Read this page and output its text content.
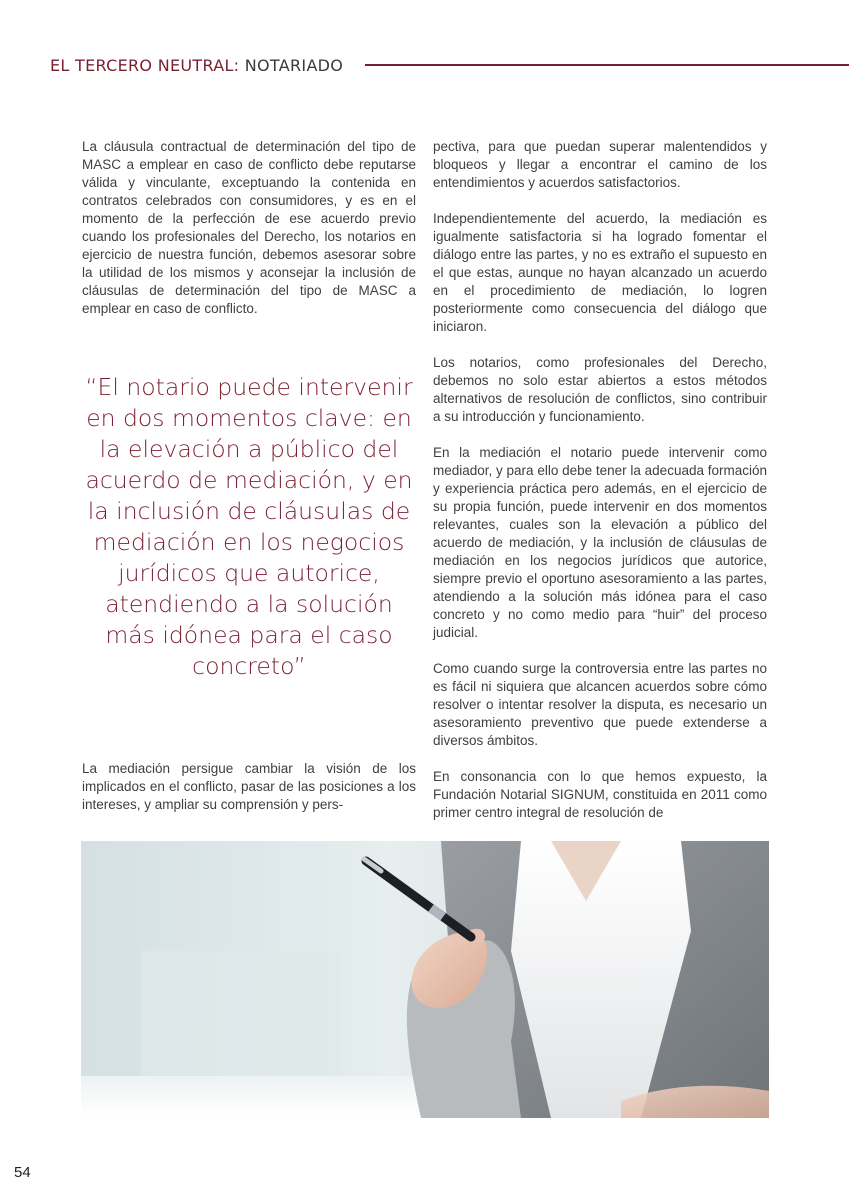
EL TERCERO NEUTRAL: NOTARIADO

La cláusula contractual de determinación del tipo de MASC a emplear en caso de conflicto debe reputarse válida y vinculante, exceptuando la contenida en contratos celebrados con consumidores, y es en el momento de la perfección de ese acuerdo previo cuando los profesionales del Derecho, los notarios en ejercicio de nuestra función, debemos asesorar sobre la utilidad de los mismos y aconsejar la inclusión de cláusulas de determinación del tipo de MASC a emplear en caso de conflicto.

“El notario puede intervenir en dos momentos clave: en la elevación a público del acuerdo de mediación, y en la inclusión de cláusulas de mediación en los negocios jurídicos que autorice, atendiendo a la solución más idónea para el caso concreto”
La mediación persigue cambiar la visión de los implicados en el conflicto, pasar de las posiciones a los intereses, y ampliar su comprensión y pers-

pectiva, para que puedan superar malentendidos y bloqueos y llegar a encontrar el camino de los entendimientos y acuerdos satisfactorios.

Independientemente del acuerdo, la mediación es igualmente satisfactoria si ha logrado fomentar el diálogo entre las partes, y no es extraño el supuesto en el que estas, aunque no hayan alcanzado un acuerdo en el procedimiento de mediación, lo logren posteriormente como consecuencia del diálogo que iniciaron.

Los notarios, como profesionales del Derecho, debemos no solo estar abiertos a estos métodos alternativos de resolución de conflictos, sino contribuir a su introducción y funcionamiento.

En la mediación el notario puede intervenir como mediador, y para ello debe tener la adecuada formación y experiencia práctica pero además, en el ejercicio de su propia función, puede intervenir en dos momentos relevantes, cuales son la elevación a público del acuerdo de mediación, y la inclusión de cláusulas de mediación en los negocios jurídicos que autorice, siempre previo el oportuno asesoramiento a las partes, atendiendo a la solución más idónea para el caso concreto y no como medio para “huir” del proceso judicial.

Como cuando surge la controversia entre las partes no es fácil ni siquiera que alcancen acuerdos sobre cómo resolver o intentar resolver la disputa, es necesario un asesoramiento preventivo que puede extenderse a diversos ámbitos.

En consonancia con lo que hemos expuesto, la Fundación Notarial SIGNUM, constituida en 2011 como primer centro integral de resolución de

54
